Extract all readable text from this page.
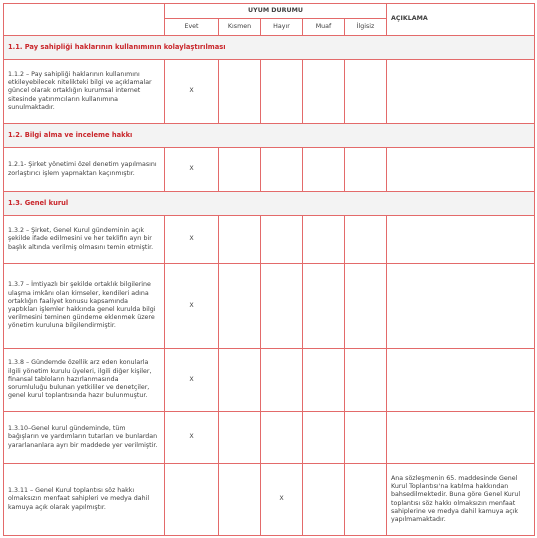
	UYUM DURUMU					AÇIKLAMA
	Evet	Kısmen	Hayır	Muaf	İlgisiz	
1.1. Pay sahipliği haklarının kullanımının kolaylaştırılması						
1.1.2 – Pay sahipliği haklarının kullanımını etkileyebilecek nitelikteki bilgi ve açıklamalar güncel olarak ortaklığın kurumsal internet sitesinde yatırımcıların kullanımına sunulmaktadır.	X					
1.2. Bilgi alma ve inceleme hakkı						
1.2.1- Şirket yönetimi özel denetim yapılmasını zorlaştırıcı işlem yapmaktan kaçınmıştır.	X					
1.3. Genel kurul						
1.3.2 – Şirket, Genel Kurul gündeminin açık şekilde ifade edilmesini ve her teklifin ayrı bir başlık altında verilmiş olmasını temin etmiştir.	X					
1.3.7 – İmtiyazlı bir şekilde ortaklık bilgilerine ulaşma imkânı olan kimseler, kendileri adına ortaklığın faaliyet konusu kapsamında yaptıkları işlemler hakkında genel kurulda bilgi verilmesini teminen gündeme eklenmek üzere yönetim kuruluna bilgilendirmiştir.	X					
1.3.8 – Gündemde özellik arz eden konularla ilgili yönetim kurulu üyeleri, ilgili diğer kişiler, finansal tabloların hazırlanmasında sorumluluğu bulunan yetkililer ve denetçiler, genel kurul toplantısında hazır bulunmuştur.	X					
1.3.10–Genel kurul gündeminde, tüm bağışların ve yardımların tutarları ve bunlardan yararlananlara ayrı bir maddede yer verilmiştir.	X					
1.3.11 – Genel Kurul toplantısı söz hakkı olmaksızın menfaat sahipleri ve medya dahil kamuya açık olarak yapılmıştır.			X			Ana sözleşmenin 65. maddesinde Genel Kurul Toplantısı'na katılma hakkından bahsedilmektedir. Buna göre Genel Kurul toplantısı söz hakkı olmaksızın menfaat sahiplerine ve medya dahil kamuya açık yapılmamaktadır.
